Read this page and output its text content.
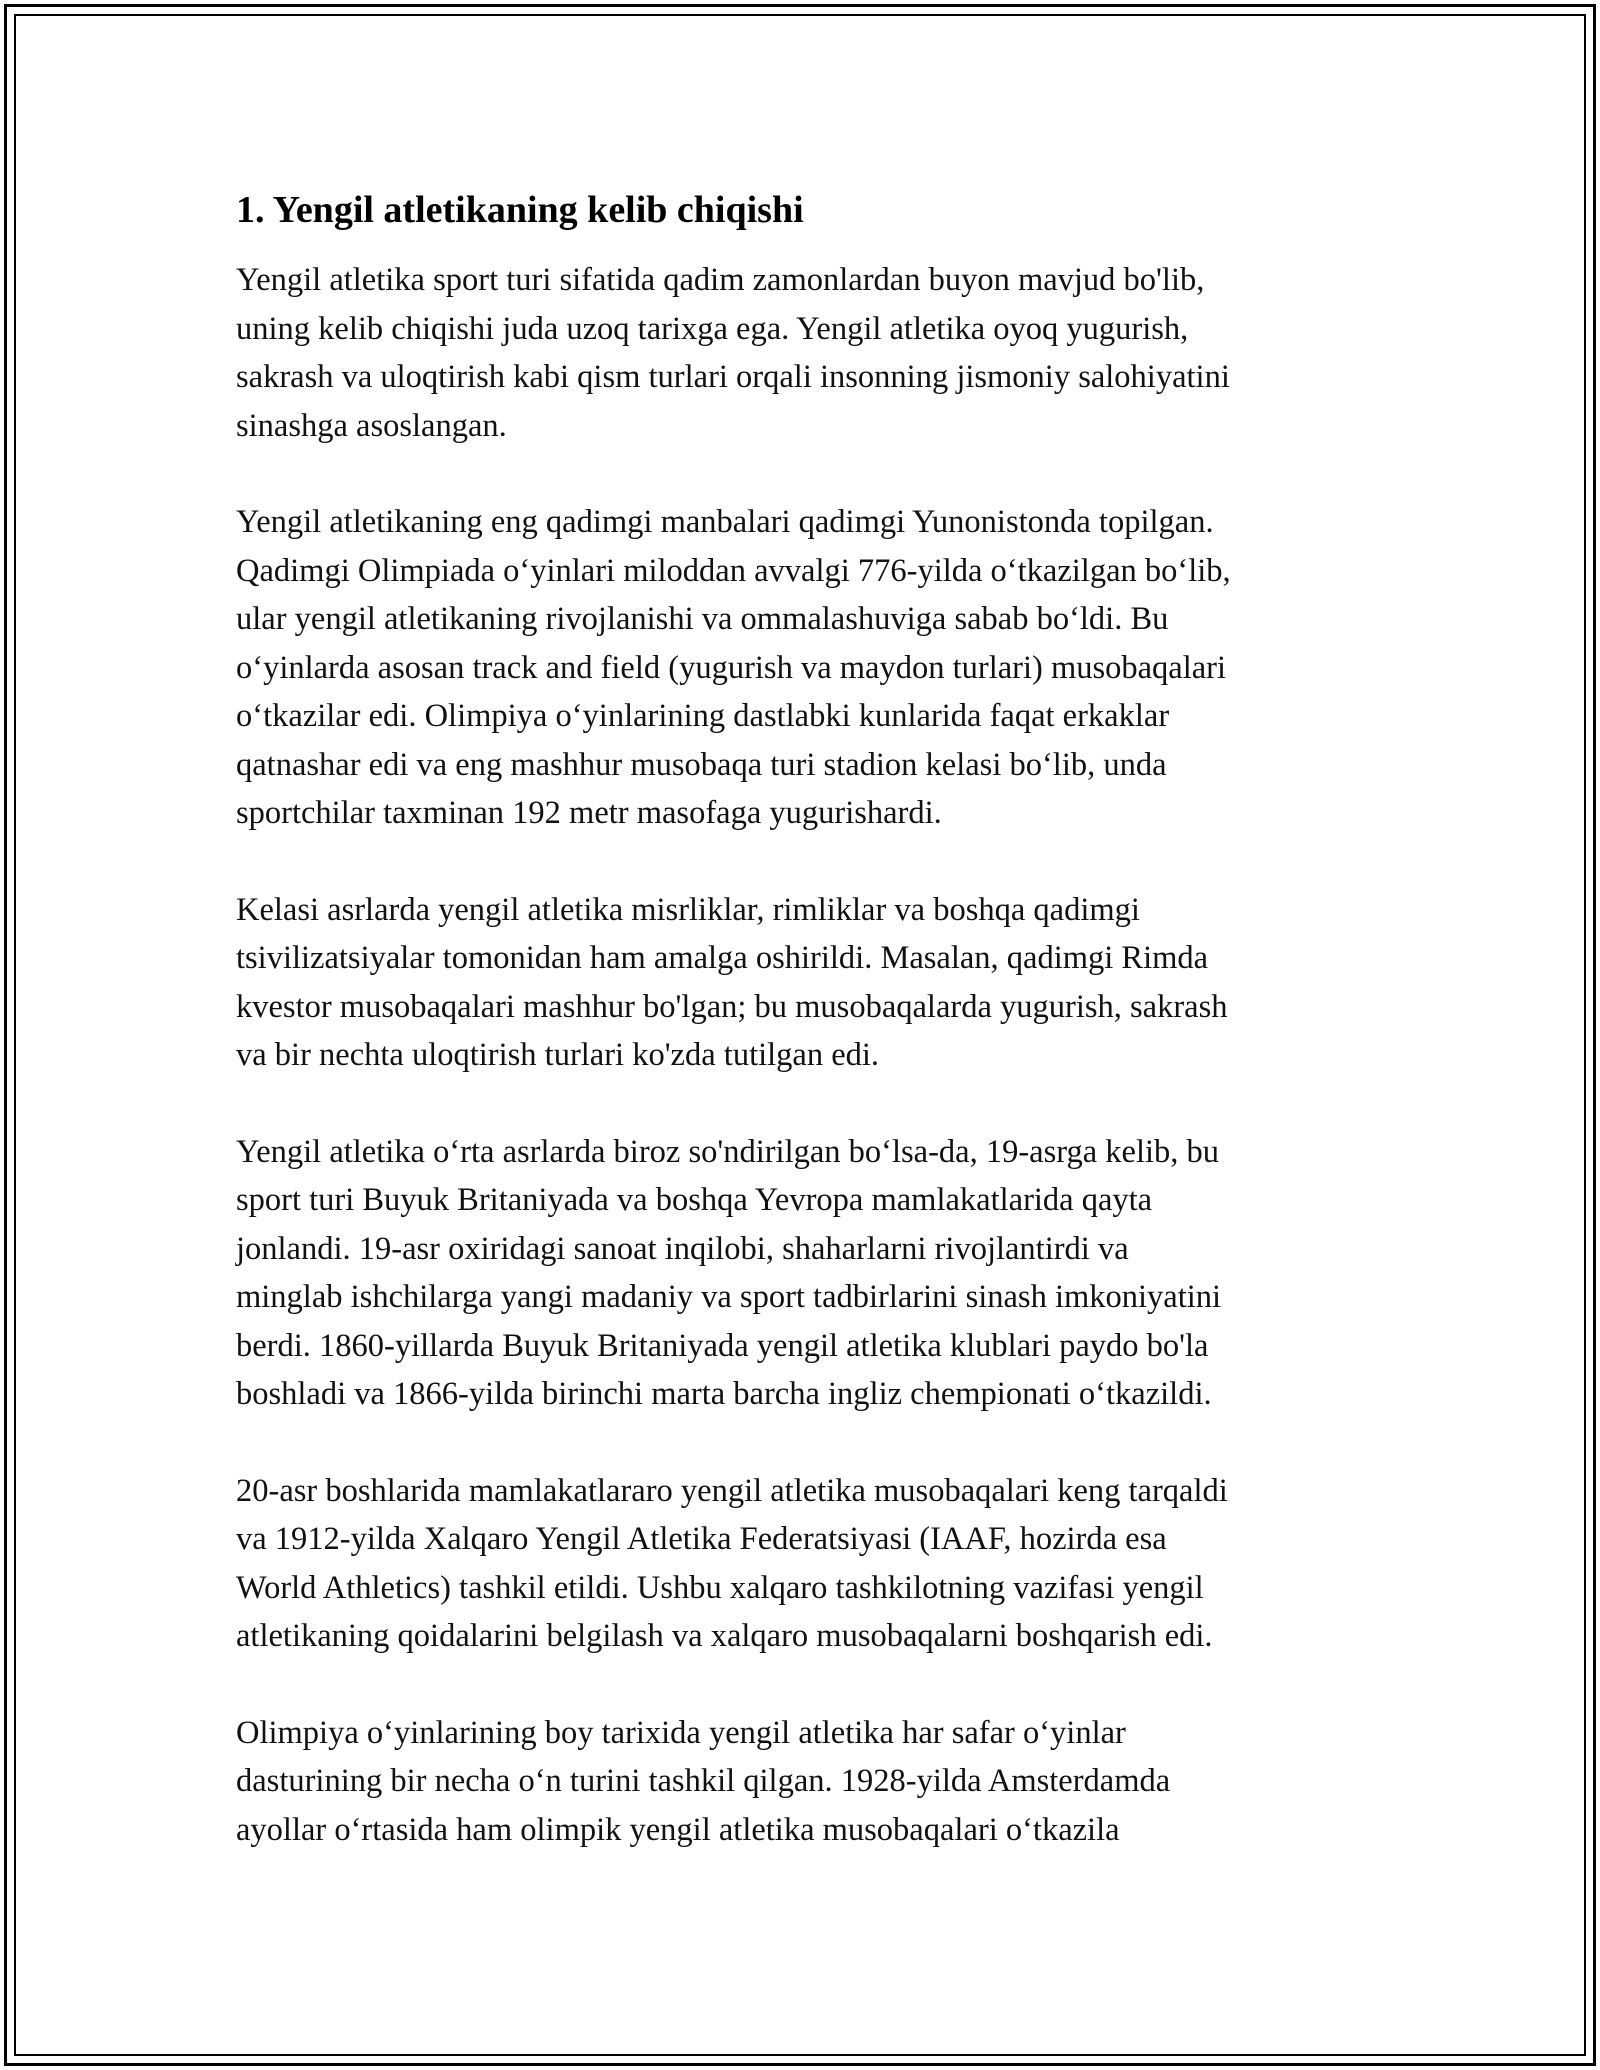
1. Yengil atletikaning kelib chiqishi

Yengil atletika sport turi sifatida qadim zamonlardan buyon mavjud bo'lib,
uning kelib chiqishi juda uzoq tarixga ega. Yengil atletika oyoq yugurish,
sakrash va uloqtirish kabi qism turlari orqali insonning jismoniy salohiyatini
sinashga asoslangan.

Yengil atletikaning eng qadimgi manbalari qadimgi Yunonistonda topilgan.
Qadimgi Olimpiada o‘yinlari miloddan avvalgi 776-yilda o‘tkazilgan bo‘lib,
ular yengil atletikaning rivojlanishi va ommalashuviga sabab bo‘ldi. Bu
o‘yinlarda asosan track and field (yugurish va maydon turlari) musobaqalari
o‘tkazilar edi. Olimpiya o‘yinlarining dastlabki kunlarida faqat erkaklar
qatnashar edi va eng mashhur musobaqa turi stadion kelasi bo‘lib, unda
sportchilar taxminan 192 metr masofaga yugurishardi.

Kelasi asrlarda yengil atletika misrliklar, rimliklar va boshqa qadimgi
tsivilizatsiyalar tomonidan ham amalga oshirildi. Masalan, qadimgi Rimda
kvestor musobaqalari mashhur bo'lgan; bu musobaqalarda yugurish, sakrash
va bir nechta uloqtirish turlari ko'zda tutilgan edi.

Yengil atletika o‘rta asrlarda biroz so'ndirilgan bo‘lsa-da, 19-asrga kelib, bu
sport turi Buyuk Britaniyada va boshqa Yevropa mamlakatlarida qayta
jonlandi. 19-asr oxiridagi sanoat inqilobi, shaharlarni rivojlantirdi va
minglab ishchilarga yangi madaniy va sport tadbirlarini sinash imkoniyatini
berdi. 1860-yillarda Buyuk Britaniyada yengil atletika klublari paydo bo'la
boshladi va 1866-yilda birinchi marta barcha ingliz chempionati o‘tkazildi.

20-asr boshlarida mamlakatlararo yengil atletika musobaqalari keng tarqaldi
va 1912-yilda Xalqaro Yengil Atletika Federatsiyasi (IAAF, hozirda esa
World Athletics) tashkil etildi. Ushbu xalqaro tashkilotning vazifasi yengil
atletikaning qoidalarini belgilash va xalqaro musobaqalarni boshqarish edi.

Olimpiya o‘yinlarining boy tarixida yengil atletika har safar o‘yinlar
dasturining bir necha o‘n turini tashkil qilgan. 1928-yilda Amsterdamda
ayollar o‘rtasida ham olimpik yengil atletika musobaqalari o‘tkazila
